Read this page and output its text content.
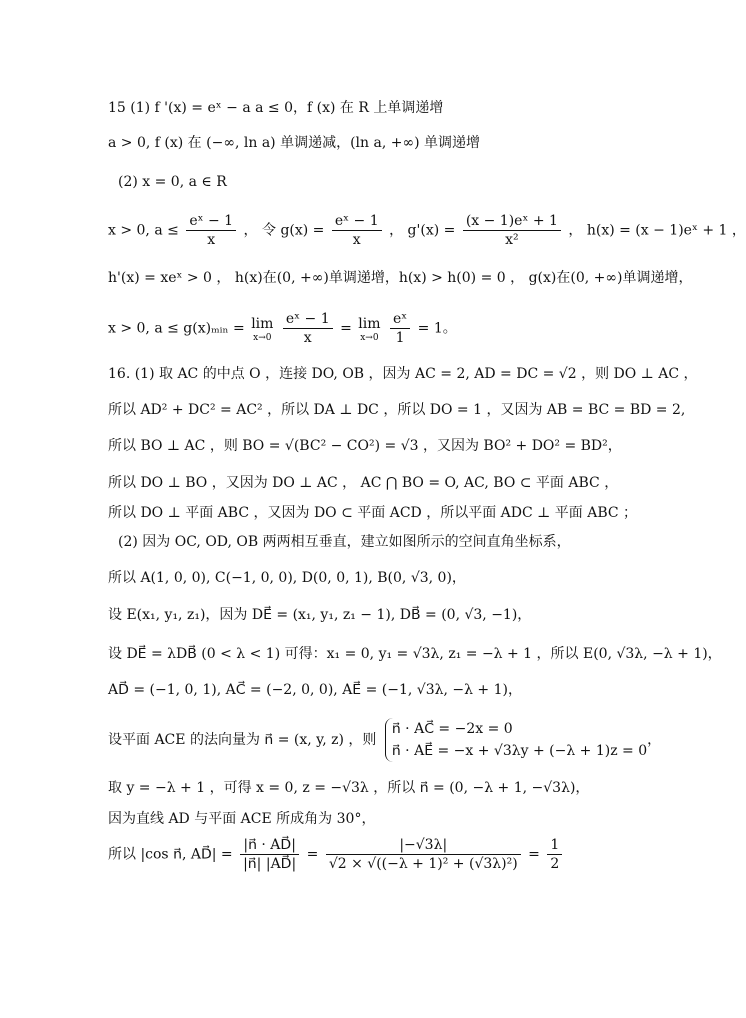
15 (1) f '(x) = eˣ − a a ≤ 0，f (x) 在 R 上单调递增
a > 0, f (x) 在 (−∞, ln a) 单调递减，(ln a, +∞) 单调递增
(2) x = 0, a ∈ R
x > 0, $a \le \frac{\text{eˣ − 1}}{x}$ ， 令 $g(x) = \frac{\text{eˣ − 1}}{x}$ ， $g'(x) = \frac{\text{(x − 1)eˣ + 1}}{\text{x²}}$ ， h(x) = (x − 1)eˣ + 1 ，
h'(x) = xeˣ > 0 ， h(x)在(0, +∞)单调递增，h(x) > h(0) = 0 ， g(x)在(0, +∞)单调递增，
x > 0, a ≤ g(x)ₘᵢₙ = lim
x→0
$\frac{\text{eˣ − 1}}{x} = \lim$
x→0
$\frac{\text{eˣ}}{1} = 1$。
16. (1) 取 AC 的中点 O ，连接 DO, OB ，因为 AC = 2, AD = DC = √2 ，则 DO ⊥ AC ，
所以 AD² + DC² = AC² ，所以 DA ⊥ DC ，所以 DO = 1 ，又因为 AB = BC = BD = 2,
所以 BO ⊥ AC ，则 BO = √(BC² − CO²) = √3 ，又因为 BO² + DO² = BD²，
所以 DO ⊥ BO ，又因为 DO ⊥ AC ， AC ⋂ BO = O, AC, BO ⊂ 平面 ABC ，
所以 DO ⊥ 平面 ABC ，又因为 DO ⊂ 平面 ACD ，所以平面 ADC ⊥ 平面 ABC ；
(2) 因为 OC, OD, OB 两两相互垂直，建立如图所示的空间直角坐标系，
所以 A(1, 0, 0), C(−1, 0, 0), D(0, 0, 1), B(0, √3, 0)，
设 E(x₁, y₁, z₁)，因为 DE⃗ = (x₁, y₁, z₁ − 1), DB⃗ = (0, √3, −1)，
设 DE⃗ = λDB⃗ (0 < λ < 1) 可得：x₁ = 0, y₁ = √3λ, z₁ = −λ + 1 ，所以 E(0, √3λ, −λ + 1)，
AD⃗ = (−1, 0, 1), AC⃗ = (−2, 0, 0), AE⃗ = (−1, √3λ, −λ + 1)，
设平面 ACE 的法向量为 n⃗ = (x, y, z) ，则
n⃗ · AC⃗ = −2x = 0
n⃗ · AE⃗ = −x + √3λy + (−λ + 1)z = 0
，
取 y = −λ + 1 ，可得 x = 0, z = −√3λ ，所以 n⃗ = (0, −λ + 1, −√3λ)，
因为直线 AD 与平面 ACE 所成角为 30°，
所以 |cos n⃗, AD⃗| = $\frac{|n⃗ \cdot AD⃗|}{|n⃗| |AD⃗|} = \frac{|-√3\lambda|}{\text{√2 × √((−λ + 1)² + (√3λ)²)}} = \frac{1}{2}$
